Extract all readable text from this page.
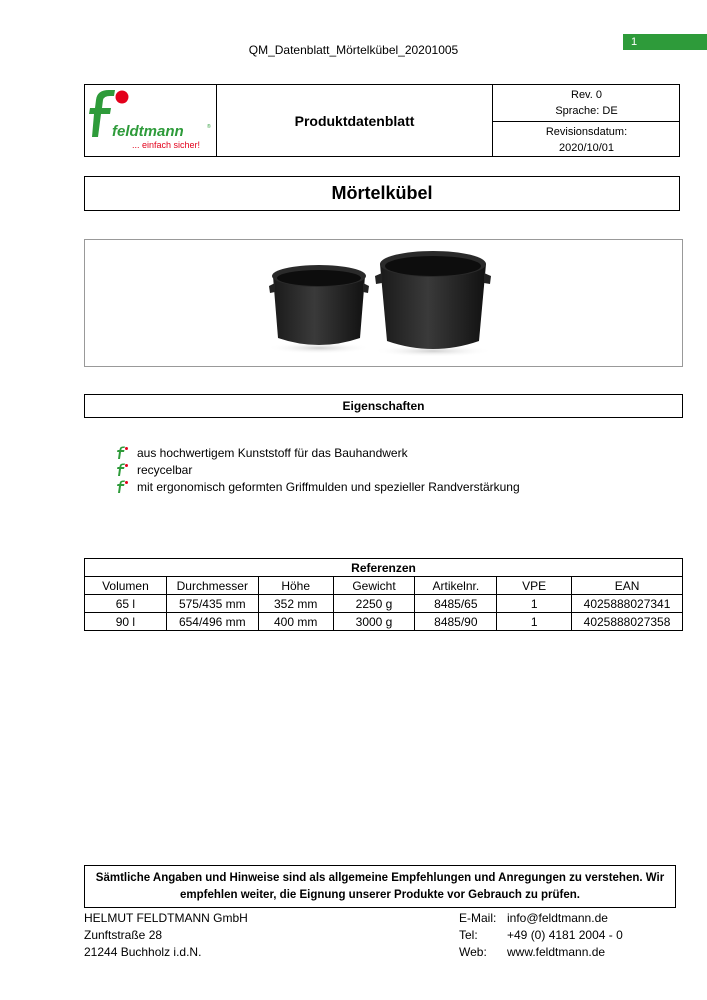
1
QM_Datenblatt_Mörtelkübel_20201005
feldtmann	®
... einfach sicher!
Produktdatenblatt
Rev. 0
Sprache: DE
Revisionsdatum:
2020/10/01
Mörtelkübel
Eigenschaften
aus hochwertigem Kunststoff für das Bauhandwerk
recycelbar
mit ergonomisch geformten Griffmulden und spezieller Randverstärkung
Referenzen						
Volumen	Durchmesser	Höhe	Gewicht	Artikelnr.	VPE	EAN
65 l	575/435 mm	352 mm	2250 g	8485/65	1	4025888027341
90 l	654/496 mm	400 mm	3000 g	8485/90	1	4025888027358
Sämtliche Angaben und Hinweise sind als allgemeine Empfehlungen und Anregungen zu verstehen. Wir empfehlen weiter, die Eignung unserer Produkte vor Gebrauch zu prüfen.
HELMUT FELDTMANN GmbH
Zunftstraße 28
21244 Buchholz i.d.N.
E-Mail: info@feldtmann.de
Tel:	+49 (0) 4181 2004 - 0
Web:	www.feldtmann.de
